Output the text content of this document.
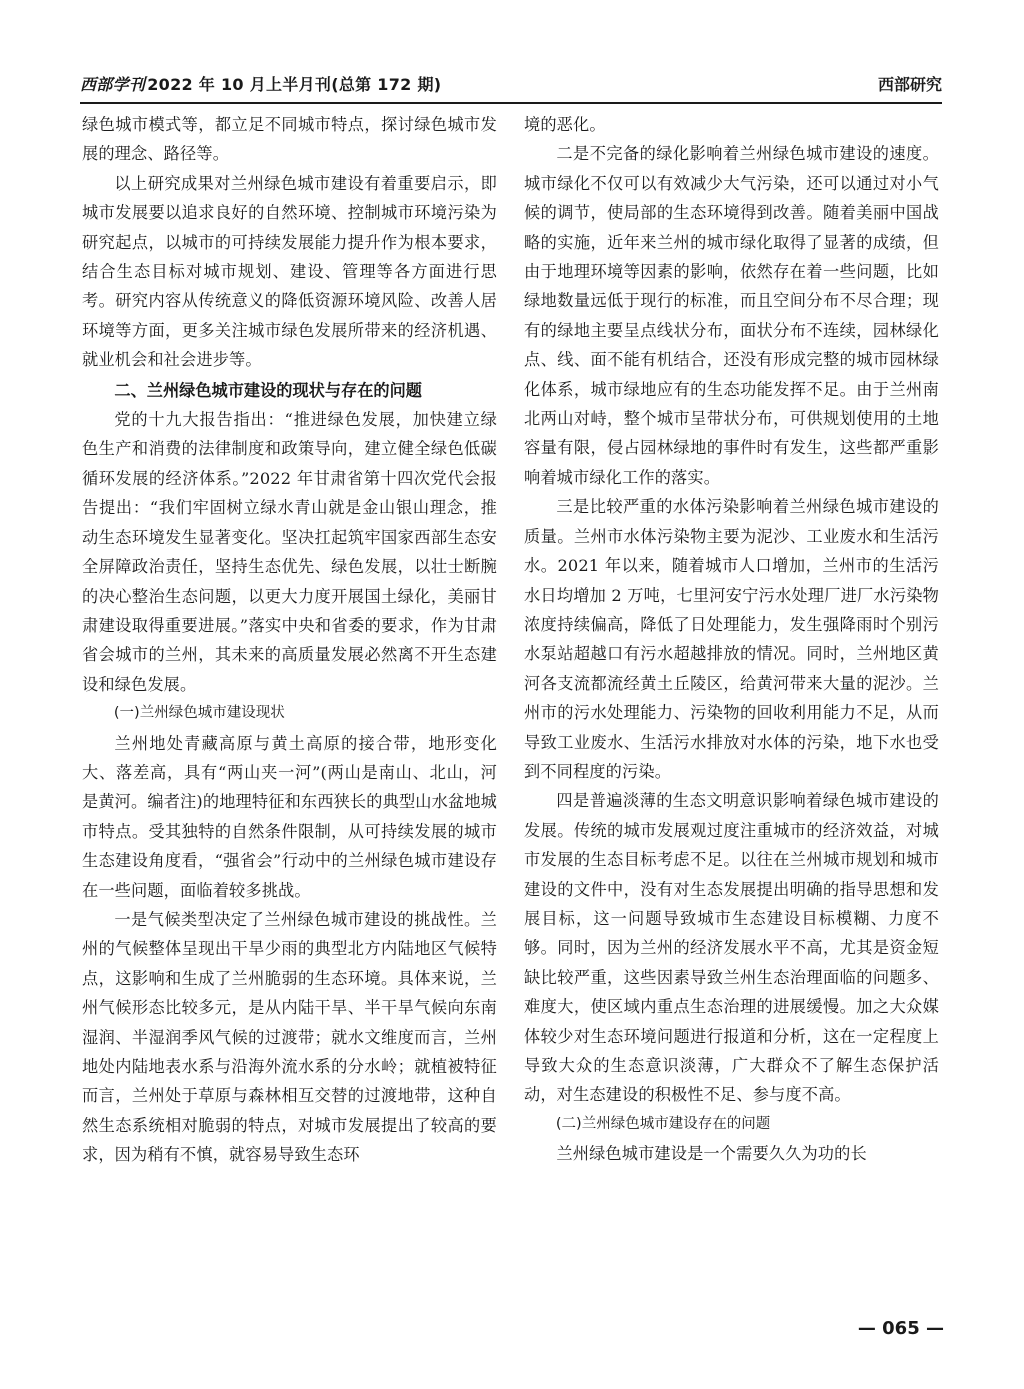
西部学刊 2022 年 10 月上半月刊(总第 172 期)	西部研究

绿色城市模式等，都立足不同城市特点，探讨绿色城市发展的理念、路径等。

以上研究成果对兰州绿色城市建设有着重要启示，即城市发展要以追求良好的自然环境、控制城市环境污染为研究起点，以城市的可持续发展能力提升作为根本要求，结合生态目标对城市规划、建设、管理等各方面进行思考。研究内容从传统意义的降低资源环境风险、改善人居环境等方面，更多关注城市绿色发展所带来的经济机遇、就业机会和社会进步等。

二、兰州绿色城市建设的现状与存在的问题

党的十九大报告指出：“推进绿色发展，加快建立绿色生产和消费的法律制度和政策导向，建立健全绿色低碳循环发展的经济体系。”2022 年甘肃省第十四次党代会报告提出：“我们牢固树立绿水青山就是金山银山理念，推动生态环境发生显著变化。坚决扛起筑牢国家西部生态安全屏障政治责任，坚持生态优先、绿色发展，以壮士断腕的决心整治生态问题，以更大力度开展国土绿化，美丽甘肃建设取得重要进展。”落实中央和省委的要求，作为甘肃省会城市的兰州，其未来的高质量发展必然离不开生态建设和绿色发展。

(一)兰州绿色城市建设现状

兰州地处青藏高原与黄土高原的接合带，地形变化大、落差高，具有“两山夹一河”(两山是南山、北山，河是黄河。编者注)的地理特征和东西狭长的典型山水盆地城市特点。受其独特的自然条件限制，从可持续发展的城市生态建设角度看，“强省会”行动中的兰州绿色城市建设存在一些问题，面临着较多挑战。

一是气候类型决定了兰州绿色城市建设的挑战性。兰州的气候整体呈现出干旱少雨的典型北方内陆地区气候特点，这影响和生成了兰州脆弱的生态环境。具体来说，兰州气候形态比较多元，是从内陆干旱、半干旱气候向东南湿润、半湿润季风气候的过渡带；就水文维度而言，兰州地处内陆地表水系与沿海外流水系的分水岭；就植被特征而言，兰州处于草原与森林相互交替的过渡地带，这种自然生态系统相对脆弱的特点，对城市发展提出了较高的要求，因为稍有不慎，就容易导致生态环

境的恶化。

二是不完备的绿化影响着兰州绿色城市建设的速度。城市绿化不仅可以有效减少大气污染，还可以通过对小气候的调节，使局部的生态环境得到改善。随着美丽中国战略的实施，近年来兰州的城市绿化取得了显著的成绩，但由于地理环境等因素的影响，依然存在着一些问题，比如绿地数量远低于现行的标准，而且空间分布不尽合理；现有的绿地主要呈点线状分布，面状分布不连续，园林绿化点、线、面不能有机结合，还没有形成完整的城市园林绿化体系，城市绿地应有的生态功能发挥不足。由于兰州南北两山对峙，整个城市呈带状分布，可供规划使用的土地容量有限，侵占园林绿地的事件时有发生，这些都严重影响着城市绿化工作的落实。

三是比较严重的水体污染影响着兰州绿色城市建设的质量。兰州市水体污染物主要为泥沙、工业废水和生活污水。2021 年以来，随着城市人口增加，兰州市的生活污水日均增加 2 万吨，七里河安宁污水处理厂进厂水污染物浓度持续偏高，降低了日处理能力，发生强降雨时个别污水泵站超越口有污水超越排放的情况。同时，兰州地区黄河各支流都流经黄土丘陵区，给黄河带来大量的泥沙。兰州市的污水处理能力、污染物的回收利用能力不足，从而导致工业废水、生活污水排放对水体的污染，地下水也受到不同程度的污染。

四是普遍淡薄的生态文明意识影响着绿色城市建设的发展。传统的城市发展观过度注重城市的经济效益，对城市发展的生态目标考虑不足。以往在兰州城市规划和城市建设的文件中，没有对生态发展提出明确的指导思想和发展目标，这一问题导致城市生态建设目标模糊、力度不够。同时，因为兰州的经济发展水平不高，尤其是资金短缺比较严重，这些因素导致兰州生态治理面临的问题多、难度大，使区域内重点生态治理的进展缓慢。加之大众媒体较少对生态环境问题进行报道和分析，这在一定程度上导致大众的生态意识淡薄，广大群众不了解生态保护活动，对生态建设的积极性不足、参与度不高。

(二)兰州绿色城市建设存在的问题

兰州绿色城市建设是一个需要久久为功的长

— 065 —
